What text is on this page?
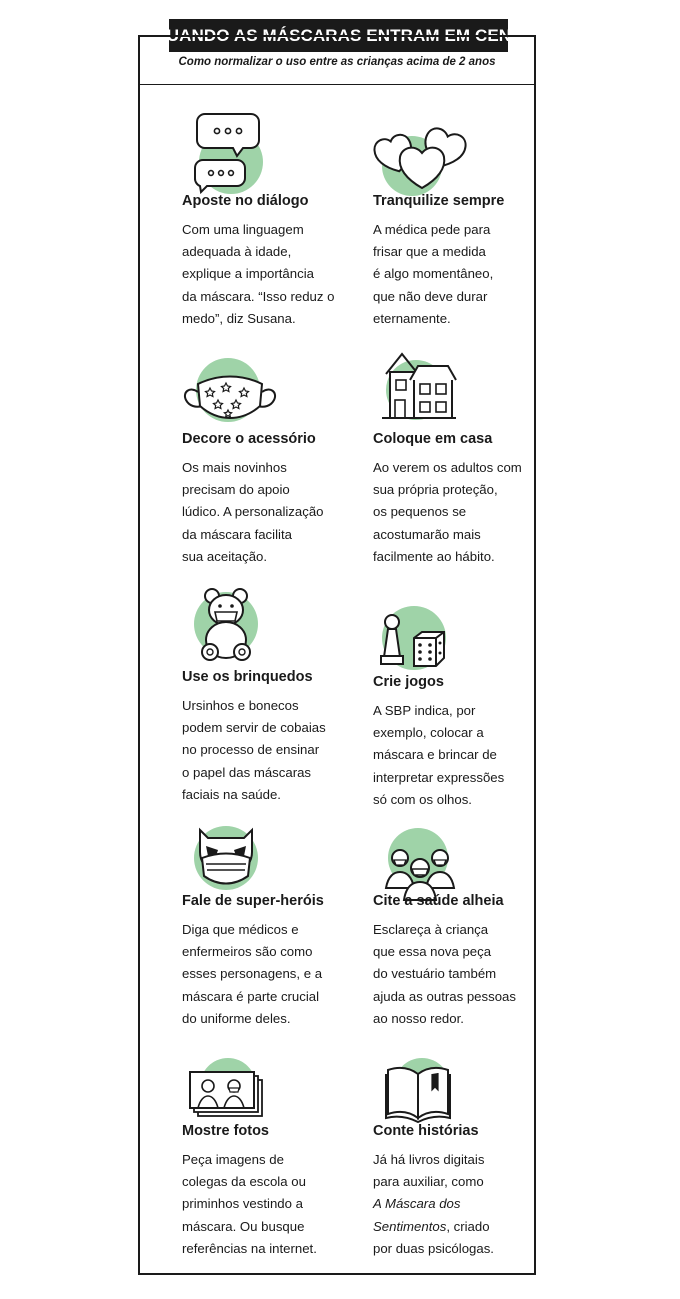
QUANDO AS MÁSCARAS ENTRAM EM CENA
Como normalizar o uso entre as crianças acima de 2 anos
Aposte no diálogo
Com uma linguagem
adequada à idade,
explique a importância
da máscara. “Isso reduz o
medo”, diz Susana.
Tranquilize sempre
A médica pede para
frisar que a medida
é algo momentâneo,
que não deve durar
eternamente.
Decore o acessório
Os mais novinhos
precisam do apoio
lúdico. A personalização
da máscara facilita
sua aceitação.
Coloque em casa
Ao verem os adultos com
sua própria proteção,
os pequenos se
acostumarão mais
facilmente ao hábito.
Use os brinquedos
Ursinhos e bonecos
podem servir de cobaias
no processo de ensinar
o papel das máscaras
faciais na saúde.
Crie jogos
A SBP indica, por
exemplo, colocar a
máscara e brincar de
interpretar expressões
só com os olhos.
Fale de super-heróis
Diga que médicos e
enfermeiros são como
esses personagens, e a
máscara é parte crucial
do uniforme deles.
Cite a saúde alheia
Esclareça à criança
que essa nova peça
do vestuário também
ajuda as outras pessoas
ao nosso redor.
Mostre fotos
Peça imagens de
colegas da escola ou
priminhos vestindo a
máscara. Ou busque
referências na internet.
Conte histórias
Já há livros digitais
para auxiliar, como
A Máscara dos
Sentimentos, criado
por duas psicólogas.
